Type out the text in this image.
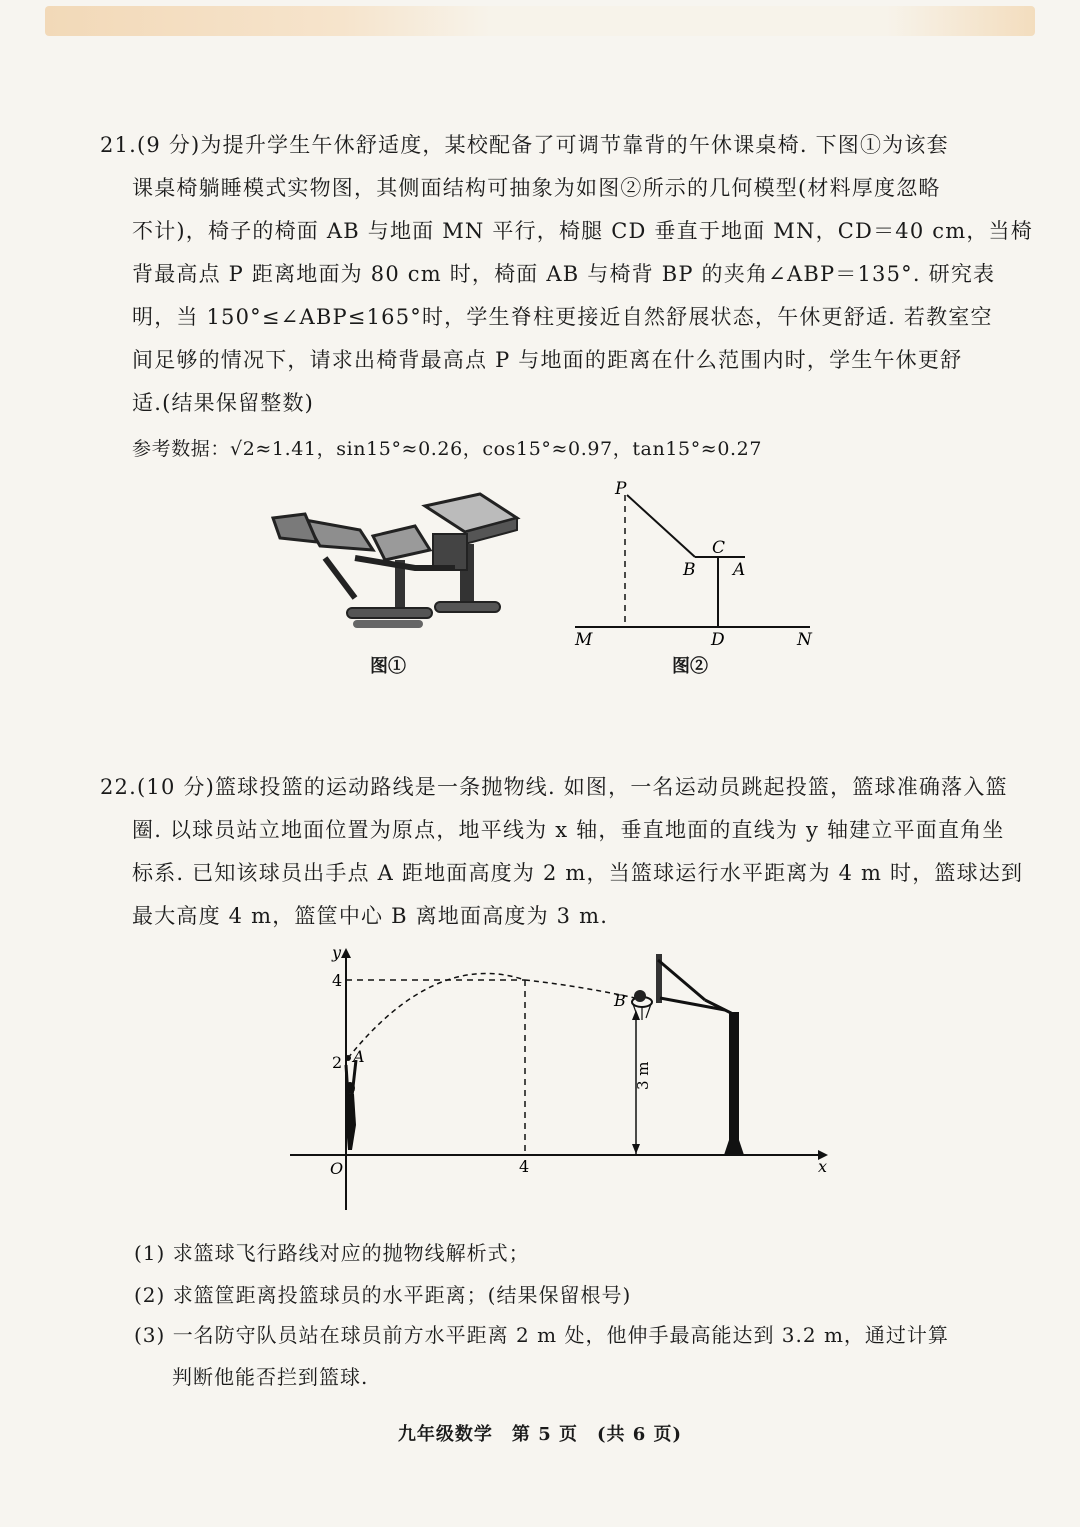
21.(9 分)为提升学生午休舒适度，某校配备了可调节靠背的午休课桌椅. 下图①为该套
课桌椅躺睡模式实物图，其侧面结构可抽象为如图②所示的几何模型(材料厚度忽略
不计)，椅子的椅面 AB 与地面 MN 平行，椅腿 CD 垂直于地面 MN，CD＝40 cm，当椅
背最高点 P 距离地面为 80 cm 时，椅面 AB 与椅背 BP 的夹角∠ABP＝135°. 研究表
明，当 150°≤∠ABP≤165°时，学生脊柱更接近自然舒展状态，午休更舒适. 若教室空
间足够的情况下，请求出椅背最高点 P 与地面的距离在什么范围内时，学生午休更舒
适.(结果保留整数)
参考数据：√2≈1.41，sin15°≈0.26，cos15°≈0.97，tan15°≈0.27
图①
P
B
C
A
M	D	N
图②
22.(10 分)篮球投篮的运动路线是一条抛物线. 如图，一名运动员跳起投篮，篮球准确落入篮
圈. 以球员站立地面位置为原点，地平线为 x 轴，垂直地面的直线为 y 轴建立平面直角坐
标系. 已知该球员出手点 A 距地面高度为 2 m，当篮球运行水平距离为 4 m 时，篮球达到
最大高度 4 m，篮筐中心 B 离地面高度为 3 m.
3 m
y
x
O
4
2
4
A
B
(1) 求篮球飞行路线对应的抛物线解析式；
(2) 求篮筐距离投篮球员的水平距离；(结果保留根号)
(3) 一名防守队员站在球员前方水平距离 2 m 处，他伸手最高能达到 3.2 m，通过计算
判断他能否拦到篮球.
九年级数学　第 5 页　(共 6 页)
